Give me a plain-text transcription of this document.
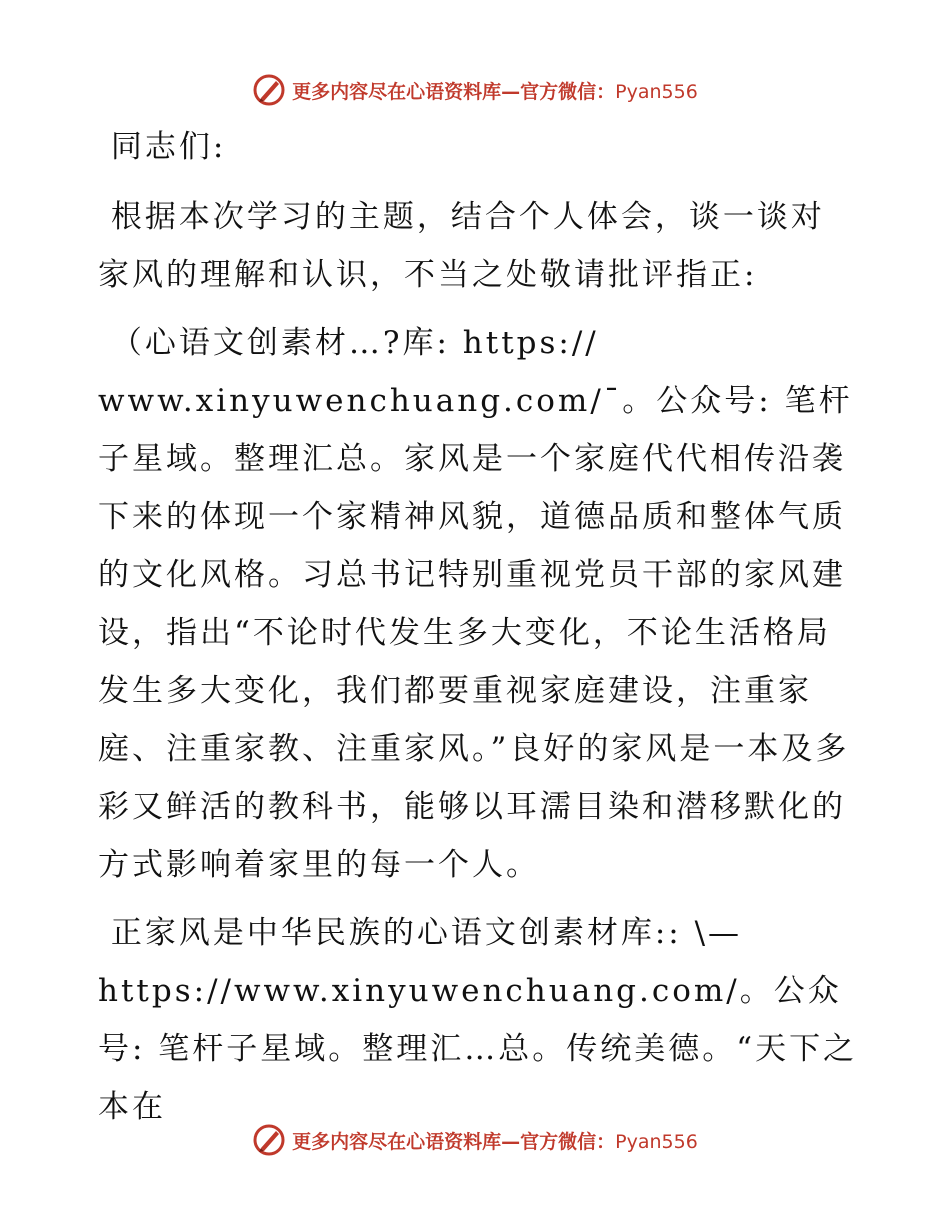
更多内容尽在心语资料库—官方微信：Pyan556

同志们:

根据本次学习的主题，结合个人体会，谈一谈对家风的理解和认识，不当之处敬请批评指正:

（心语文创素材…?库: https://
www.xinyuwenchuang.com/¯。公众号: 笔杆子星域。整理汇总。家风是一个家庭代代相传沿袭下来的体现一个家精神风貌，道德品质和整体气质的文化风格。习总书记特别重视党员干部的家风建设，指出“不论时代发生多大变化，不论生活格局发生多大变化，我们都要重视家庭建设，注重家庭、注重家教、注重家风。”良好的家风是一本及多彩又鲜活的教科书，能够以耳濡目染和潜移默化的方式影响着家里的每一个人。

正家风是中华民族的心语文创素材库:: \—
https://www.xinyuwenchuang.com/。公众号: 笔杆子星域。整理汇…总。传统美德。“天下之本在

更多内容尽在心语资料库—官方微信：Pyan556
